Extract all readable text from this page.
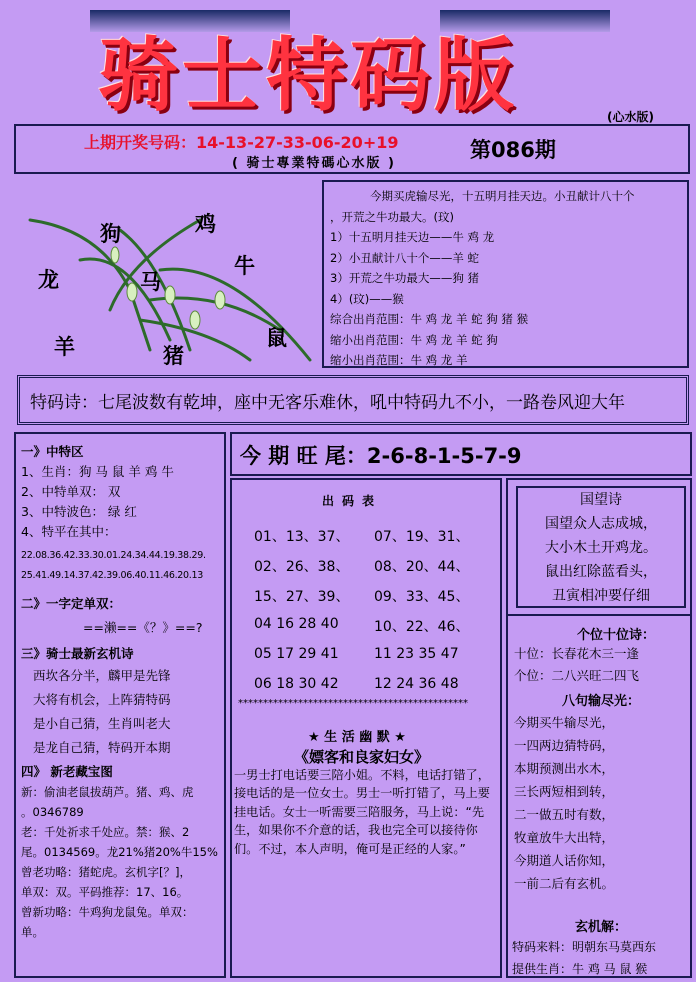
骑士特码版	(心水版)
上期开奖号码：14-13-27-33-06-20+19
( 骑士專業特碼心水版 )
第086期
狗	鸡
牛
龙	马
羊	猪
鼠

今期买虎输尽光，十五明月挂天边。小丑献计八十个

，开荒之牛功最大。(玟)

1）十五明月挂天边——牛 鸡 龙

2）小丑献计八十个——羊 蛇

3）开荒之牛功最大——狗 猪

4）(玟)——猴

综合出肖范围：牛 鸡 龙 羊 蛇 狗 猪 猴

缩小出肖范围：牛 鸡 龙 羊 蛇 狗

缩小出肖范围：牛 鸡 龙 羊

特码诗：七尾波数有乾坤，座中无客乐难休，吼中特码九不小，一路卷风迎大年
一》中特区
1、生肖：狗 马 鼠 羊 鸡 牛
2、中特单双： 双
3、中特波色： 绿 红
4、特平在其中：
22.08.36.42.33.30.01.24.34.44.19.38.29.
25.41.49.14.37.42.39.06.40.11.46.20.13
二》一字定单双：
==濑==《？》==?
三》骑士最新玄机诗
西坎各分半，麟甲是先锋
大将有机会，上阵猜特码
是小自己猜，生肖叫老大
是龙自己猜，特码开本期
四》 新老藏宝图
新：偷油老鼠拔葫芦。猪、鸡、虎
。0346789
老：千处祈求千处应。禁：猴、2
尾。0134569。龙21%猪20%牛15%
曾老功略：猪蛇虎。玄机字[？]，
单双：双。平码推荐：17、16。
曾新功略：牛鸡狗龙鼠兔。单双：
单。
今 期 旺 尾：2-6-8-1-5-7-9
出码表
01、13、37、	07、19、31、
02、26、38、	08、20、44、
15、27、39、	09、33、45、
04 16 28 40	10、22、46、
05 17 29 41	11 23 35 47
06 18 30 42	12 24 36 48
**********************************************
★ 生 活 幽 默 ★
《嫖客和良家妇女》
一男士打电话要三陪小姐。不料，电话打错了，接电话的是一位女士。男士一听打错了，马上要挂电话。女士一听需要三陪服务，马上说：“先生，如果你不介意的话，我也完全可以接待你们。不过，本人声明，俺可是正经的人家。”
国望诗
国望众人志成城，
大小木土开鸡龙。
鼠出红除蓝看头，
丑寅相冲要仔细
个位十位诗：
十位：长春花木三一逢
个位：二八兴旺二四飞
八句输尽光：
今期买牛输尽光，
一四两边猜特码，
本期预测出水木，
三长两短相到转，
二一做五时有数，
牧童放牛大出特，
今期道人话你知，
一前二后有玄机。
玄机解：
特码来料：明朝东马莫西东
提供生肖：牛 鸡 马 鼠 猴
